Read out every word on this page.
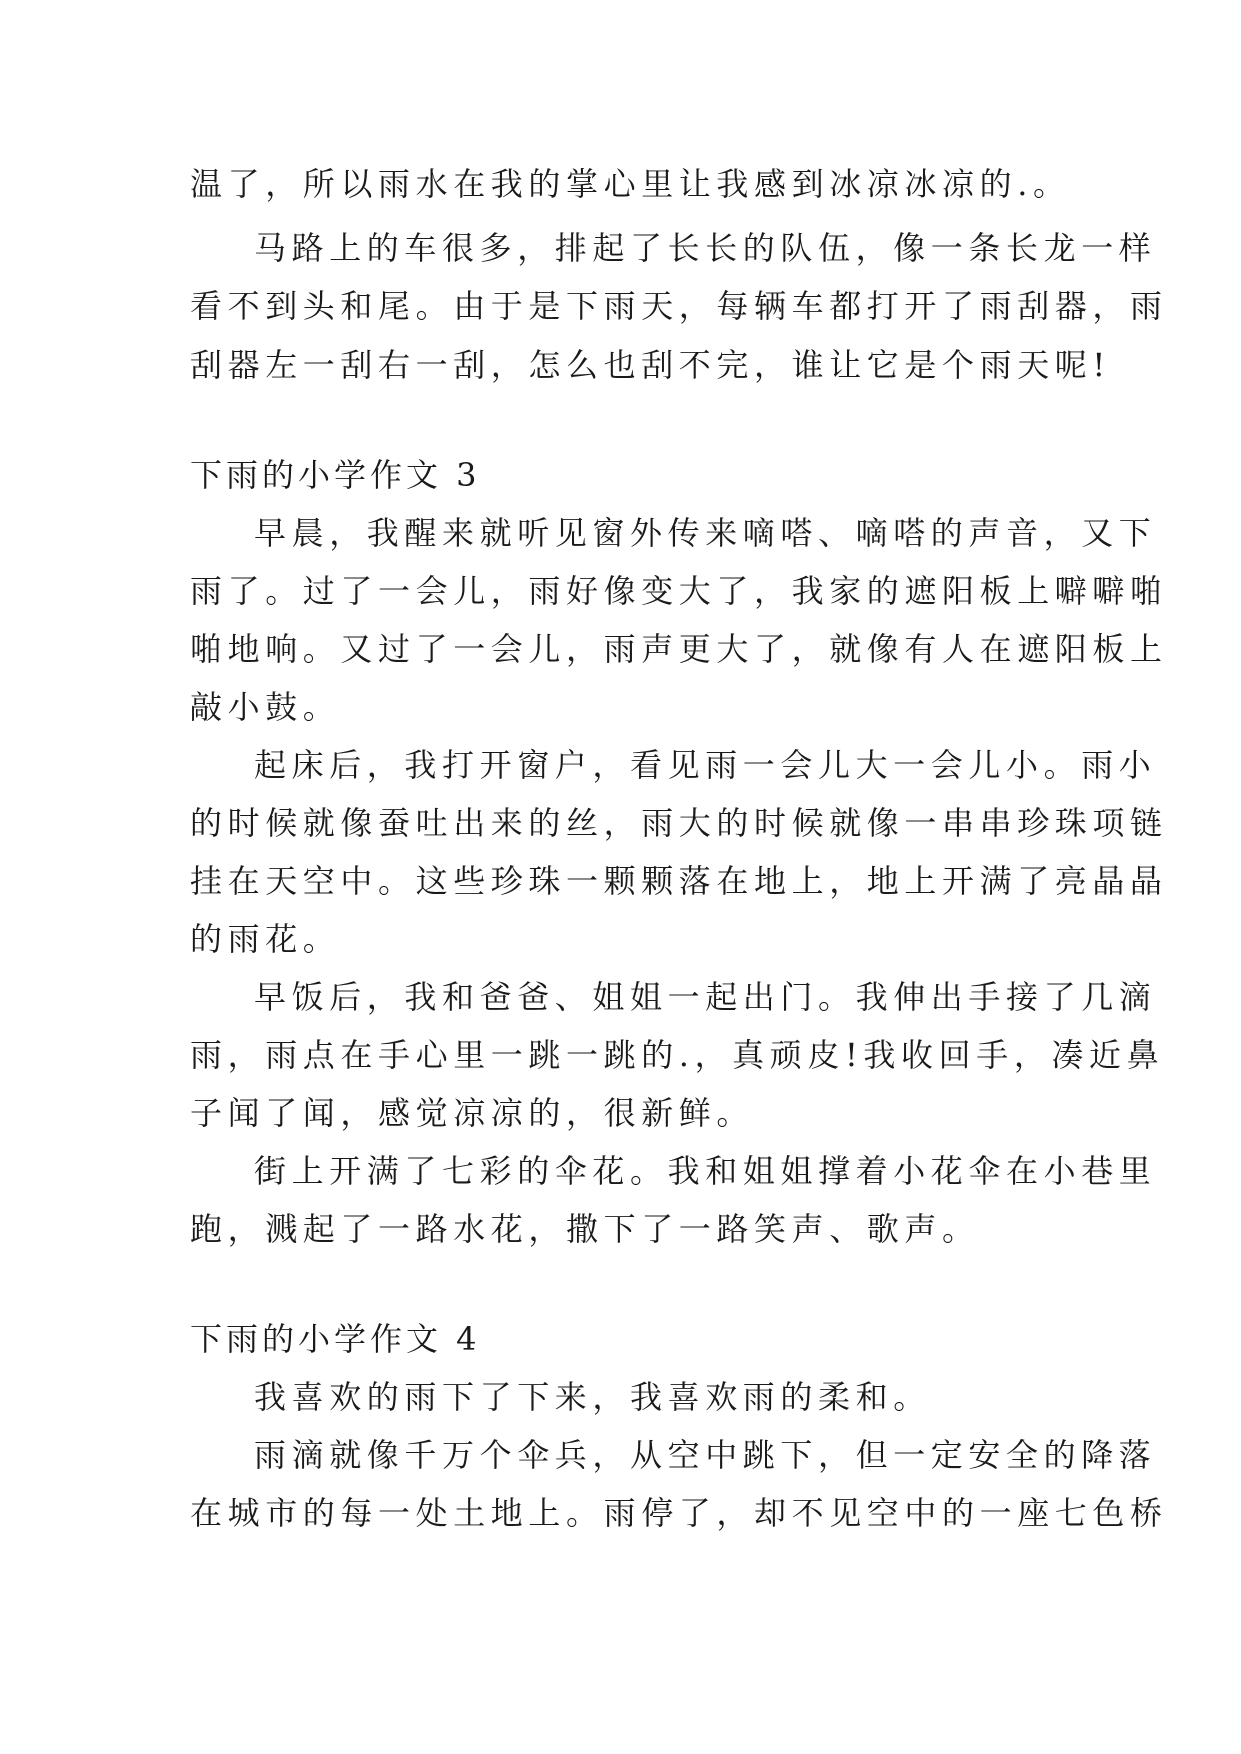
温了，所以雨水在我的掌心里让我感到冰凉冰凉的.。
马路上的车很多，排起了长长的队伍，像一条长龙一样
看不到头和尾。由于是下雨天，每辆车都打开了雨刮器，雨
刮器左一刮右一刮，怎么也刮不完，谁让它是个雨天呢!
下雨的小学作文 3
早晨，我醒来就听见窗外传来嘀嗒、嘀嗒的声音，又下
雨了。过了一会儿，雨好像变大了，我家的遮阳板上噼噼啪
啪地响。又过了一会儿，雨声更大了，就像有人在遮阳板上
敲小鼓。
起床后，我打开窗户，看见雨一会儿大一会儿小。雨小
的时候就像蚕吐出来的丝，雨大的时候就像一串串珍珠项链
挂在天空中。这些珍珠一颗颗落在地上，地上开满了亮晶晶
的雨花。
早饭后，我和爸爸、姐姐一起出门。我伸出手接了几滴
雨，雨点在手心里一跳一跳的.，真顽皮!我收回手，凑近鼻
子闻了闻，感觉凉凉的，很新鲜。
街上开满了七彩的伞花。我和姐姐撑着小花伞在小巷里
跑，溅起了一路水花，撒下了一路笑声、歌声。
下雨的小学作文 4
我喜欢的雨下了下来，我喜欢雨的柔和。
雨滴就像千万个伞兵，从空中跳下，但一定安全的降落
在城市的每一处土地上。雨停了，却不见空中的一座七色桥
